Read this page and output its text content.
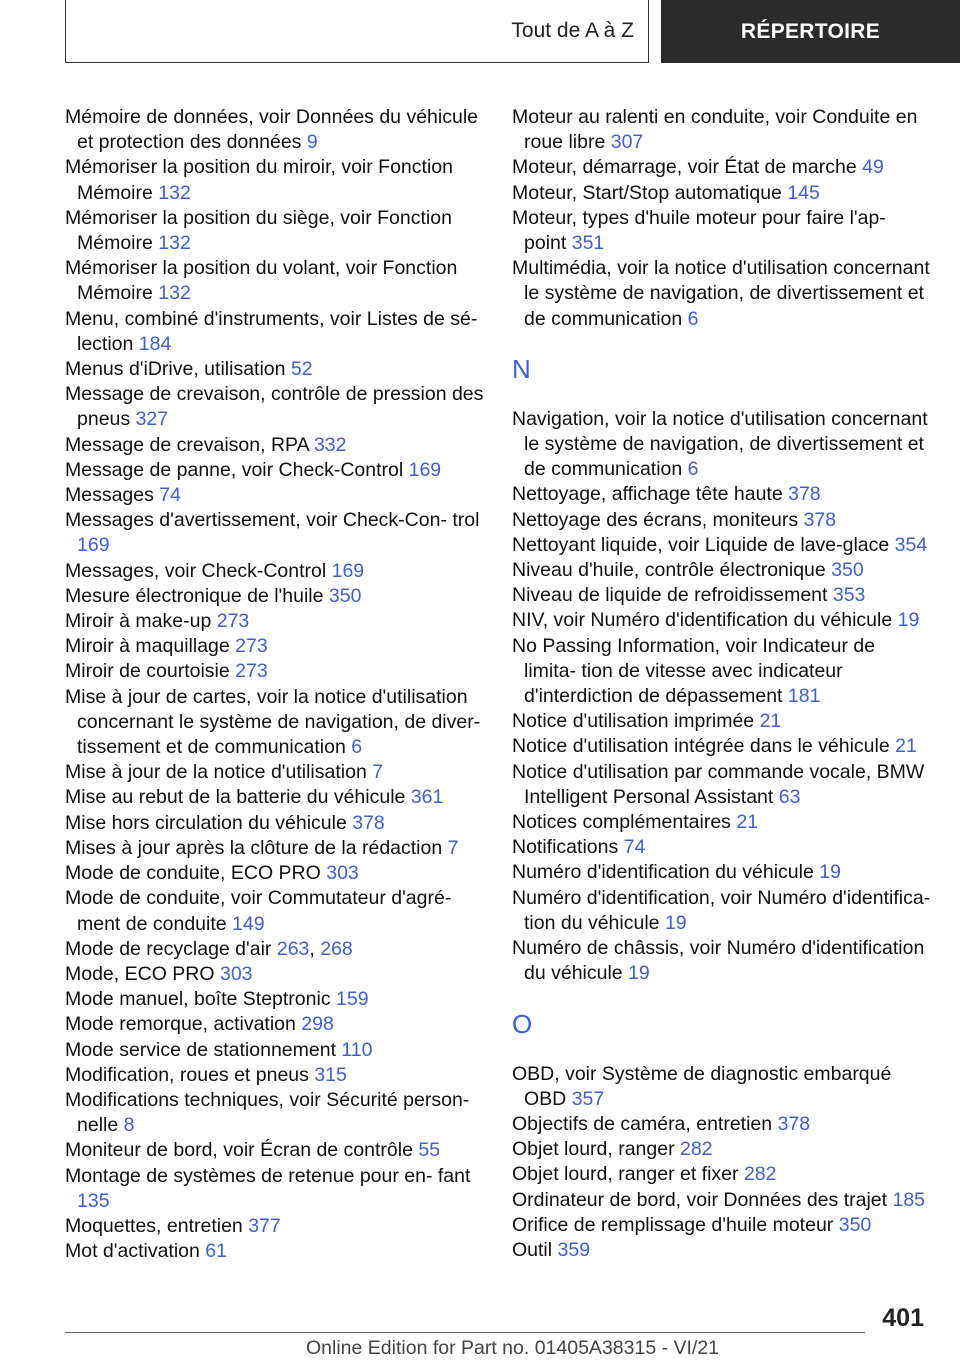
Tout de A à Z	RÉPERTOIRE
Mémoire de données, voir Données du véhicule et protection des données 9
Mémoriser la position du miroir, voir Fonction Mémoire 132
Mémoriser la position du siège, voir Fonction Mémoire 132
Mémoriser la position du volant, voir Fonction Mémoire 132
Menu, combiné d'instruments, voir Listes de sé‐ lection 184
Menus d'iDrive, utilisation 52
Message de crevaison, contrôle de pression des pneus 327
Message de crevaison, RPA 332
Message de panne, voir Check-Control 169
Messages 74
Messages d'avertissement, voir Check-Con‐ trol 169
Messages, voir Check-Control 169
Mesure électronique de l'huile 350
Miroir à make-up 273
Miroir à maquillage 273
Miroir de courtoisie 273
Mise à jour de cartes, voir la notice d'utilisation concernant le système de navigation, de diver‐ tissement et de communication 6
Mise à jour de la notice d'utilisation 7
Mise au rebut de la batterie du véhicule 361
Mise hors circulation du véhicule 378
Mises à jour après la clôture de la rédaction 7
Mode de conduite, ECO PRO 303
Mode de conduite, voir Commutateur d'agré‐ ment de conduite 149
Mode de recyclage d'air 263, 268
Mode, ECO PRO 303
Mode manuel, boîte Steptronic 159
Mode remorque, activation 298
Mode service de stationnement 110
Modification, roues et pneus 315
Modifications techniques, voir Sécurité person‐ nelle 8
Moniteur de bord, voir Écran de contrôle 55
Montage de systèmes de retenue pour en‐ fant 135
Moquettes, entretien 377
Mot d'activation 61
Moteur au ralenti en conduite, voir Conduite en roue libre 307
Moteur, démarrage, voir État de marche 49
Moteur, Start/Stop automatique 145
Moteur, types d'huile moteur pour faire l'ap‐ point 351
Multimédia, voir la notice d'utilisation concernant le système de navigation, de divertissement et de communication 6
N
Navigation, voir la notice d'utilisation concernant le système de navigation, de divertissement et de communication 6
Nettoyage, affichage tête haute 378
Nettoyage des écrans, moniteurs 378
Nettoyant liquide, voir Liquide de lave-glace 354
Niveau d'huile, contrôle électronique 350
Niveau de liquide de refroidissement 353
NIV, voir Numéro d'identification du véhicule 19
No Passing Information, voir Indicateur de limita‐ tion de vitesse avec indicateur d'interdiction de dépassement 181
Notice d'utilisation imprimée 21
Notice d'utilisation intégrée dans le véhicule 21
Notice d'utilisation par commande vocale, BMW Intelligent Personal Assistant 63
Notices complémentaires 21
Notifications 74
Numéro d'identification du véhicule 19
Numéro d'identification, voir Numéro d'identifica‐ tion du véhicule 19
Numéro de châssis, voir Numéro d'identification du véhicule 19
O
OBD, voir Système de diagnostic embarqué OBD 357
Objectifs de caméra, entretien 378
Objet lourd, ranger 282
Objet lourd, ranger et fixer 282
Ordinateur de bord, voir Données des trajet 185
Orifice de remplissage d'huile moteur 350
Outil 359
401
Online Edition for Part no. 01405A38315 - VI/21
